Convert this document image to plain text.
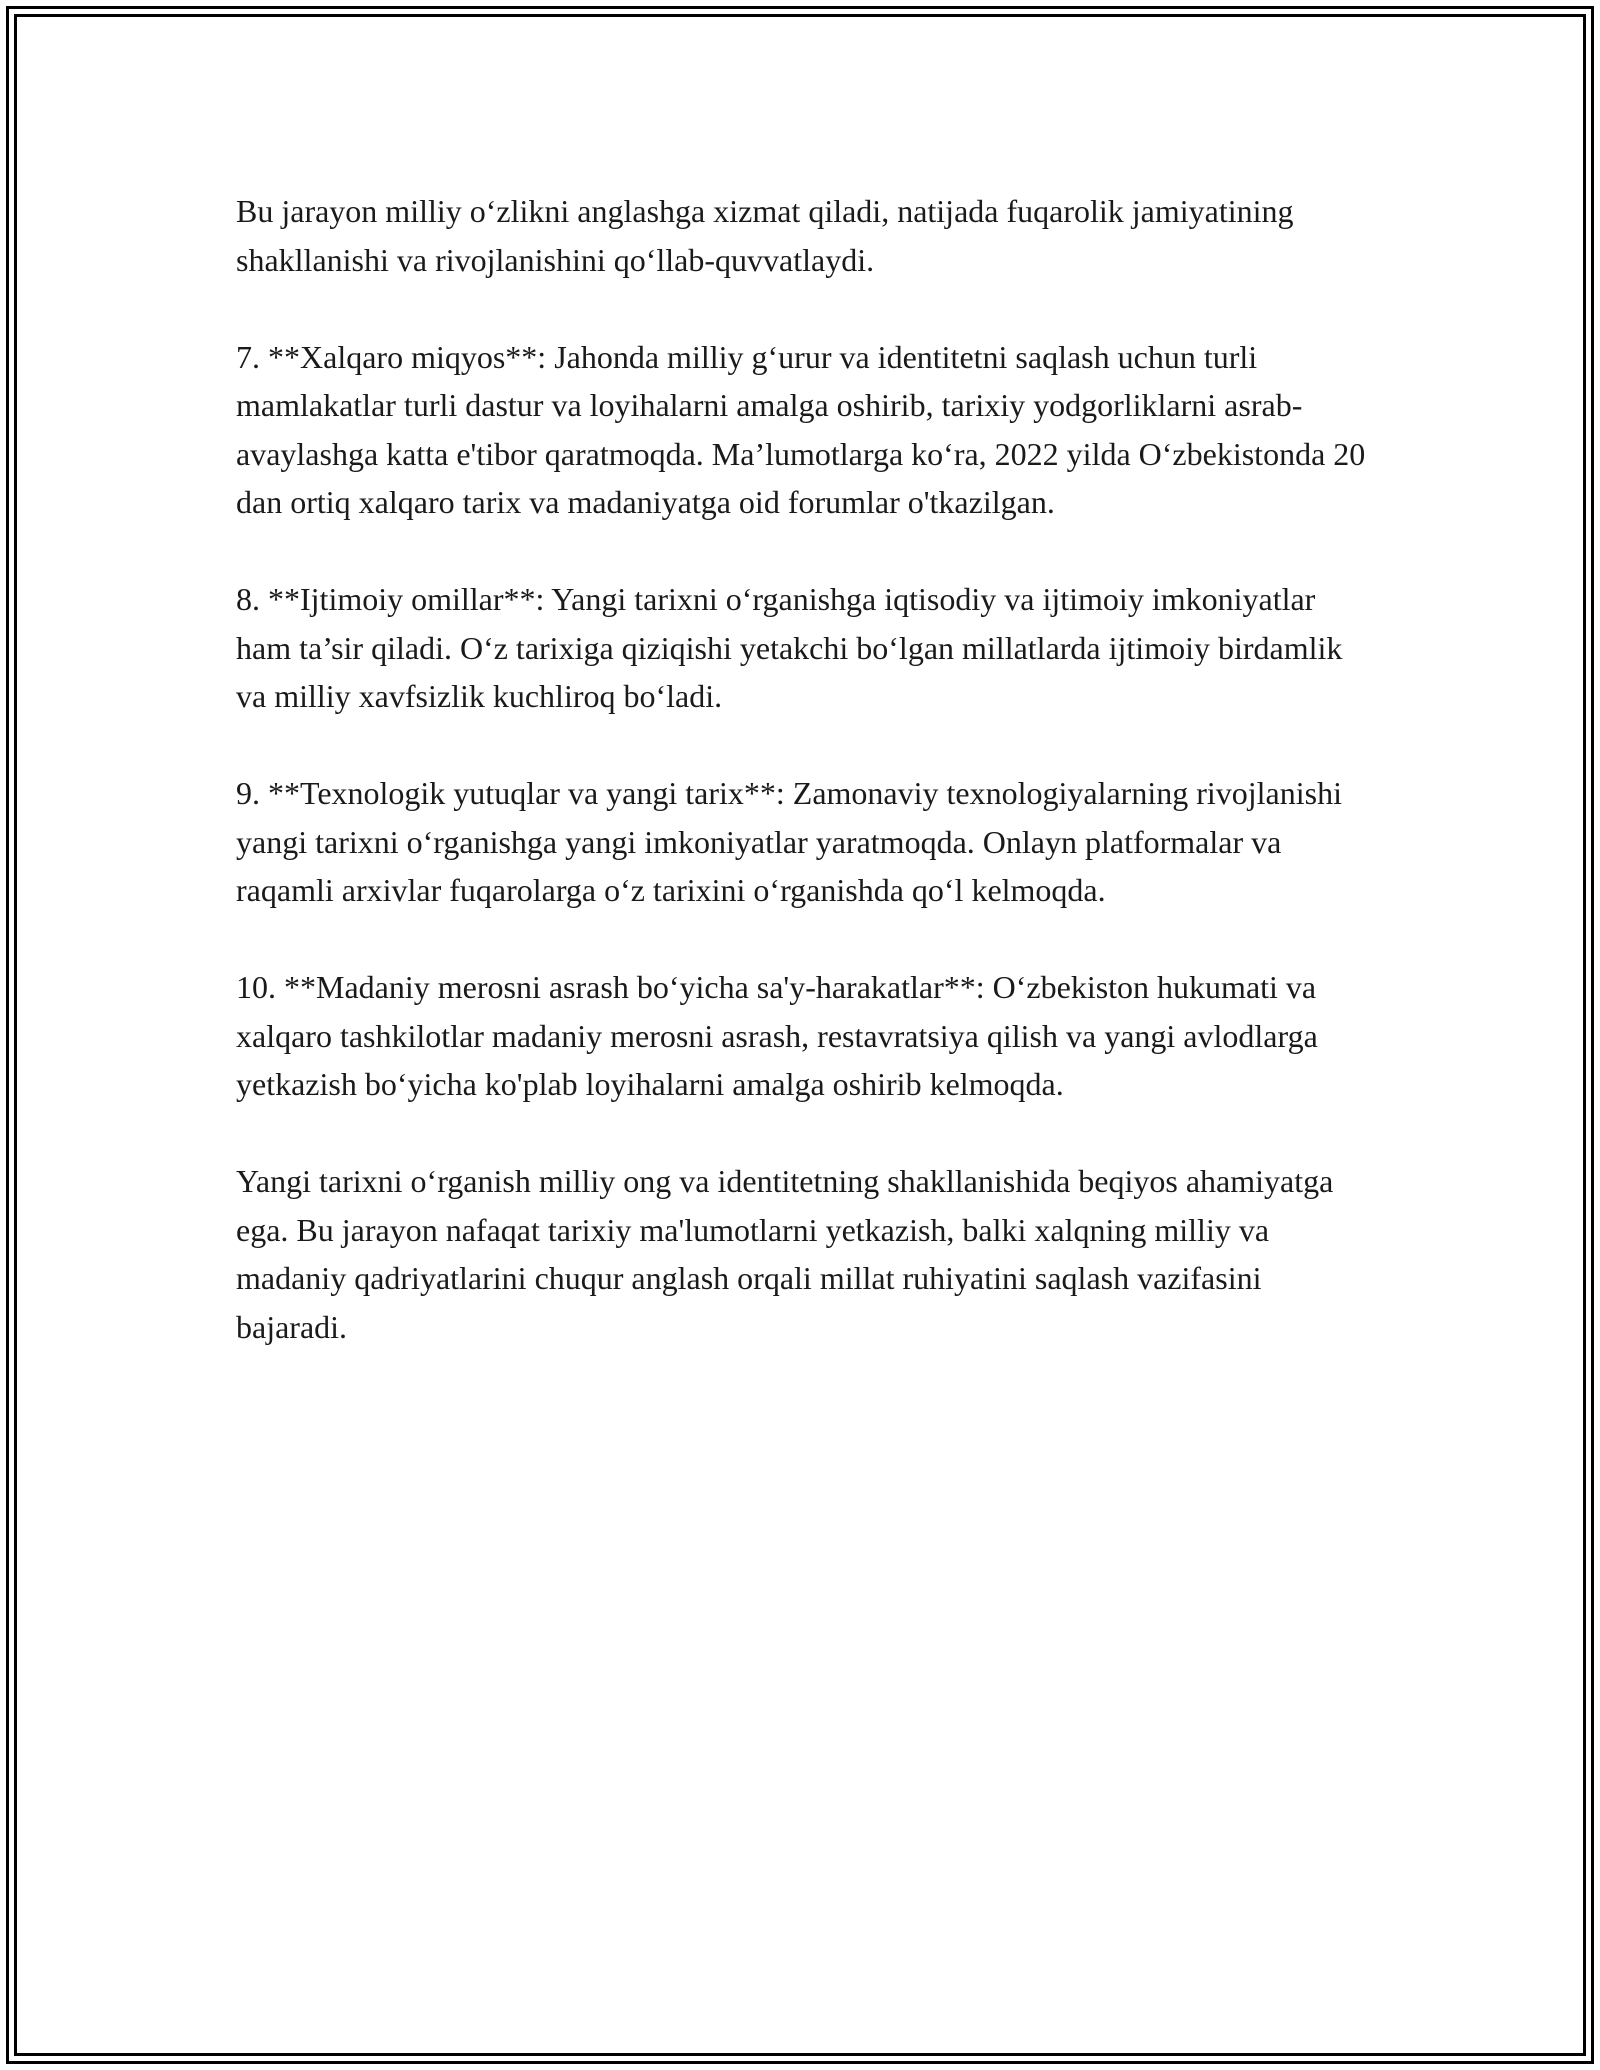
Bu jarayon milliy o‘zlikni anglashga xizmat qiladi, natijada fuqarolik jamiyatining shakllanishi va rivojlanishini qo‘llab-quvvatlaydi.

7. **Xalqaro miqyos**: Jahonda milliy g‘urur va identitetni saqlash uchun turli mamlakatlar turli dastur va loyihalarni amalga oshirib, tarixiy yodgorliklarni asrab-avaylashga katta e'tibor qaratmoqda. Ma’lumotlarga ko‘ra, 2022 yilda O‘zbekistonda 20 dan ortiq xalqaro tarix va madaniyatga oid forumlar o'tkazilgan.

8. **Ijtimoiy omillar**: Yangi tarixni o‘rganishga iqtisodiy va ijtimoiy imkoniyatlar ham ta’sir qiladi. O‘z tarixiga qiziqishi yetakchi bo‘lgan millatlarda ijtimoiy birdamlik va milliy xavfsizlik kuchliroq bo‘ladi.

9. **Texnologik yutuqlar va yangi tarix**: Zamonaviy texnologiyalarning rivojlanishi yangi tarixni o‘rganishga yangi imkoniyatlar yaratmoqda. Onlayn platformalar va raqamli arxivlar fuqarolarga o‘z tarixini o‘rganishda qo‘l kelmoqda.

10. **Madaniy merosni asrash bo‘yicha sa'y-harakatlar**: O‘zbekiston hukumati va xalqaro tashkilotlar madaniy merosni asrash, restavratsiya qilish va yangi avlodlarga yetkazish bo‘yicha ko'plab loyihalarni amalga oshirib kelmoqda.

Yangi tarixni o‘rganish milliy ong va identitetning shakllanishida beqiyos ahamiyatga ega. Bu jarayon nafaqat tarixiy ma'lumotlarni yetkazish, balki xalqning milliy va madaniy qadriyatlarini chuqur anglash orqali millat ruhiyatini saqlash vazifasini bajaradi.
